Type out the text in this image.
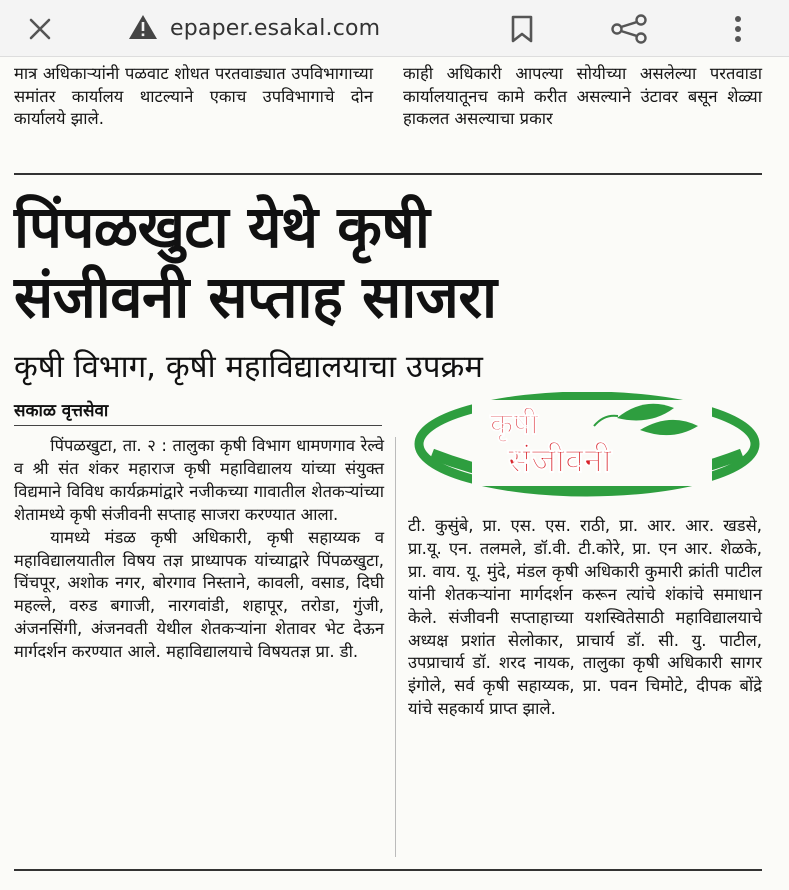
epaper.esakal.com

मात्र अधिकाऱ्यांनी पळवाट शोधत परतवाड्यात उपविभागाच्या समांतर कार्यालय थाटल्याने एकाच उपविभागाचे दोन कार्यालये झाले.

काही अधिकारी आपल्या सोयीच्या असलेल्या परतवाडा कार्यालयातूनच कामे करीत असल्याने उंटावर बसून शेळ्या हाकलत असल्याचा प्रकार

पिंपळखुटा येथे कृषी
संजीवनी सप्ताह साजरा
कृषी विभाग, कृषी महाविद्यालयाचा उपक्रम
सकाळ वृत्तसेवा	कृषी
संजीवनी

पिंपळखुटा, ता. २ : तालुका कृषी विभाग धामणगाव रेल्वे व श्री संत शंकर महाराज कृषी महाविद्यालय यांच्या संयुक्त विद्यमाने विविध कार्यक्रमांद्वारे नजीकच्या गावातील शेतकऱ्यांच्या शेतामध्ये कृषी संजीवनी सप्ताह साजरा करण्यात आला.

यामध्ये मंडळ कृषी अधिकारी, कृषी सहाय्यक व महाविद्यालयातील विषय तज्ञ प्राध्यापक यांच्याद्वारे पिंपळखुटा, चिंचपूर, अशोक नगर, बोरगाव निस्ताने, कावली, वसाड, दिघी महल्ले, वरुड बगाजी, नारगवांडी, शहापूर, तरोडा, गुंजी, अंजनसिंगी, अंजनवती येथील शेतकऱ्यांना शेतावर भेट देऊन मार्गदर्शन करण्यात आले. महाविद्यालयाचे विषयतज्ञ प्रा. डी.

टी. कुसुंबे, प्रा. एस. एस. राठी, प्रा. आर. आर. खडसे, प्रा.यू. एन. तलमले, डॉ.वी. टी.कोरे, प्रा. एन आर. शेळके, प्रा. वाय. यू. मुंदे, मंडल कृषी अधिकारी कुमारी क्रांती पाटील यांनी शेतकऱ्यांना मार्गदर्शन करून त्यांचे शंकांचे समाधान केले. संजीवनी सप्ताहाच्या यशस्वितेसाठी महाविद्यालयाचे अध्यक्ष प्रशांत सेलोकार, प्राचार्य डॉ. सी. यु. पाटील, उपप्राचार्य डॉ. शरद नायक, तालुका कृषी अधिकारी सागर इंगोले, सर्व कृषी सहाय्यक, प्रा. पवन चिमोटे, दीपक बोंद्रे यांचे सहकार्य प्राप्त झाले.
